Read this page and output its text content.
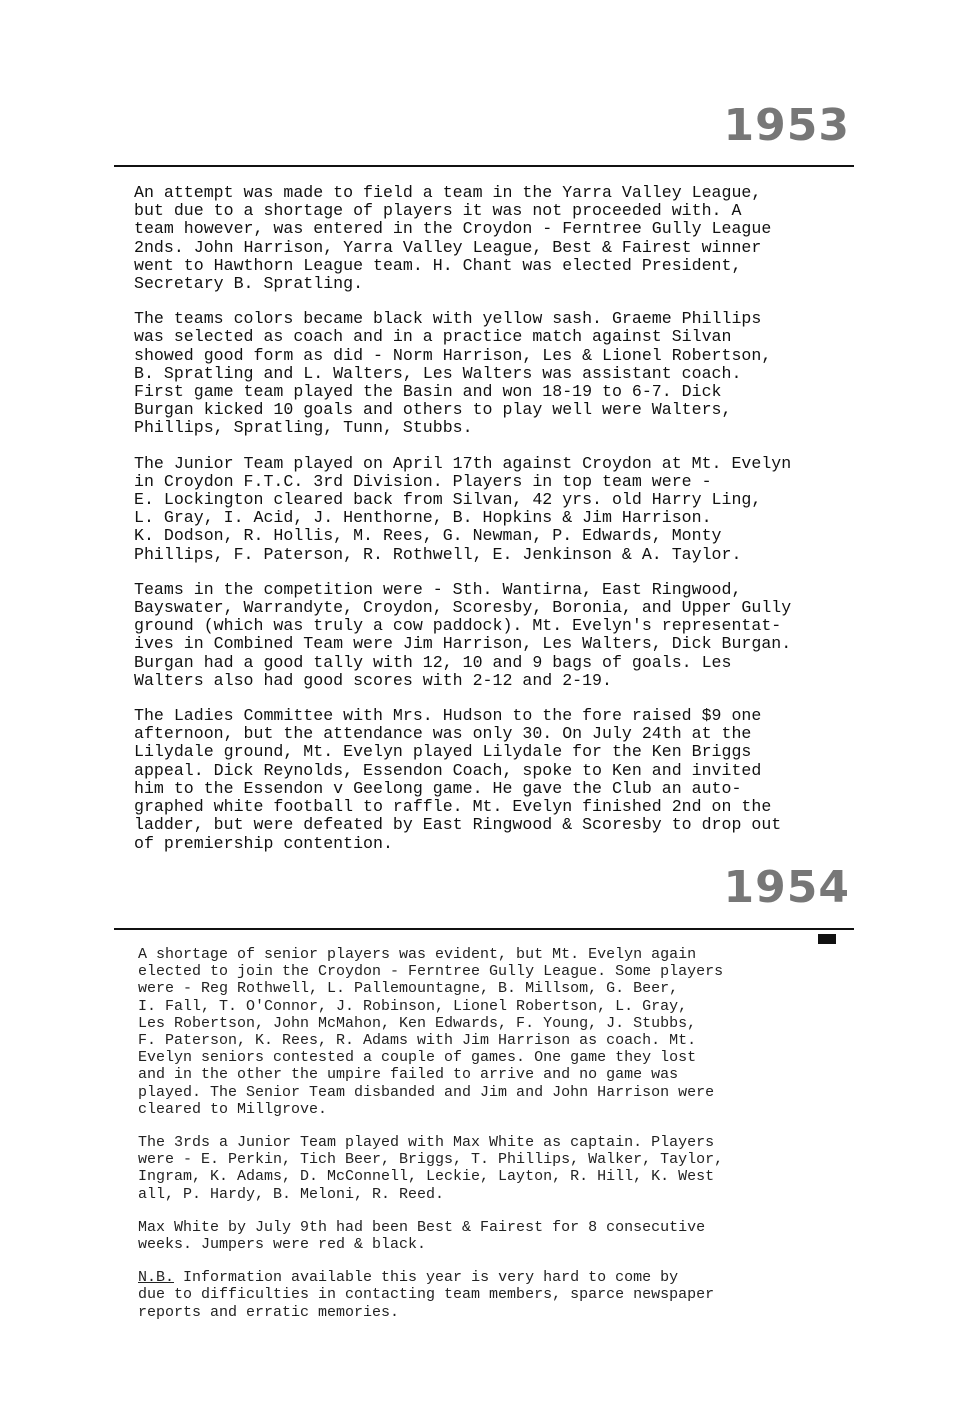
1953

An attempt was made to field a team in the Yarra Valley League,
but due to a shortage of players it was not proceeded with. A
team however, was entered in the Croydon - Ferntree Gully League
2nds. John Harrison, Yarra Valley League, Best & Fairest winner
went to Hawthorn League team. H. Chant was elected President,
Secretary B. Spratling.

The teams colors became black with yellow sash. Graeme Phillips
was selected as coach and in a practice match against Silvan
showed good form as did - Norm Harrison, Les & Lionel Robertson,
B. Spratling and L. Walters, Les Walters was assistant coach.
First game team played the Basin and won 18-19 to 6-7. Dick
Burgan kicked 10 goals and others to play well were Walters,
Phillips, Spratling, Tunn, Stubbs.

The Junior Team played on April 17th against Croydon at Mt. Evelyn
in Croydon F.T.C. 3rd Division. Players in top team were -
E. Lockington cleared back from Silvan, 42 yrs. old Harry Ling,
L. Gray, I. Acid, J. Henthorne, B. Hopkins & Jim Harrison.
K. Dodson, R. Hollis, M. Rees, G. Newman, P. Edwards, Monty
Phillips, F. Paterson, R. Rothwell, E. Jenkinson & A. Taylor.

Teams in the competition were - Sth. Wantirna, East Ringwood,
Bayswater, Warrandyte, Croydon, Scoresby, Boronia, and Upper Gully
ground (which was truly a cow paddock). Mt. Evelyn's representat-
ives in Combined Team were Jim Harrison, Les Walters, Dick Burgan.
Burgan had a good tally with 12, 10 and 9 bags of goals. Les
Walters also had good scores with 2-12 and 2-19.

The Ladies Committee with Mrs. Hudson to the fore raised $9 one
afternoon, but the attendance was only 30. On July 24th at the
Lilydale ground, Mt. Evelyn played Lilydale for the Ken Briggs
appeal. Dick Reynolds, Essendon Coach, spoke to Ken and invited
him to the Essendon v Geelong game. He gave the Club an auto-
graphed white football to raffle. Mt. Evelyn finished 2nd on the
ladder, but were defeated by East Ringwood & Scoresby to drop out
of premiership contention.

1954

A shortage of senior players was evident, but Mt. Evelyn again
elected to join the Croydon - Ferntree Gully League. Some players
were - Reg Rothwell, L. Pallemountagne, B. Millsom, G. Beer,
I. Fall, T. O'Connor, J. Robinson, Lionel Robertson, L. Gray,
Les Robertson, John McMahon, Ken Edwards, F. Young, J. Stubbs,
F. Paterson, K. Rees, R. Adams with Jim Harrison as coach. Mt.
Evelyn seniors contested a couple of games. One game they lost
and in the other the umpire failed to arrive and no game was
played. The Senior Team disbanded and Jim and John Harrison were
cleared to Millgrove.

The 3rds a Junior Team played with Max White as captain. Players
were - E. Perkin, Tich Beer, Briggs, T. Phillips, Walker, Taylor,
Ingram, K. Adams, D. McConnell, Leckie, Layton, R. Hill, K. West
all, P. Hardy, B. Meloni, R. Reed.

Max White by July 9th had been Best & Fairest for 8 consecutive
weeks. Jumpers were red & black.

N.B. Information available this year is very hard to come by
due to difficulties in contacting team members, sparce newspaper
reports and erratic memories.
